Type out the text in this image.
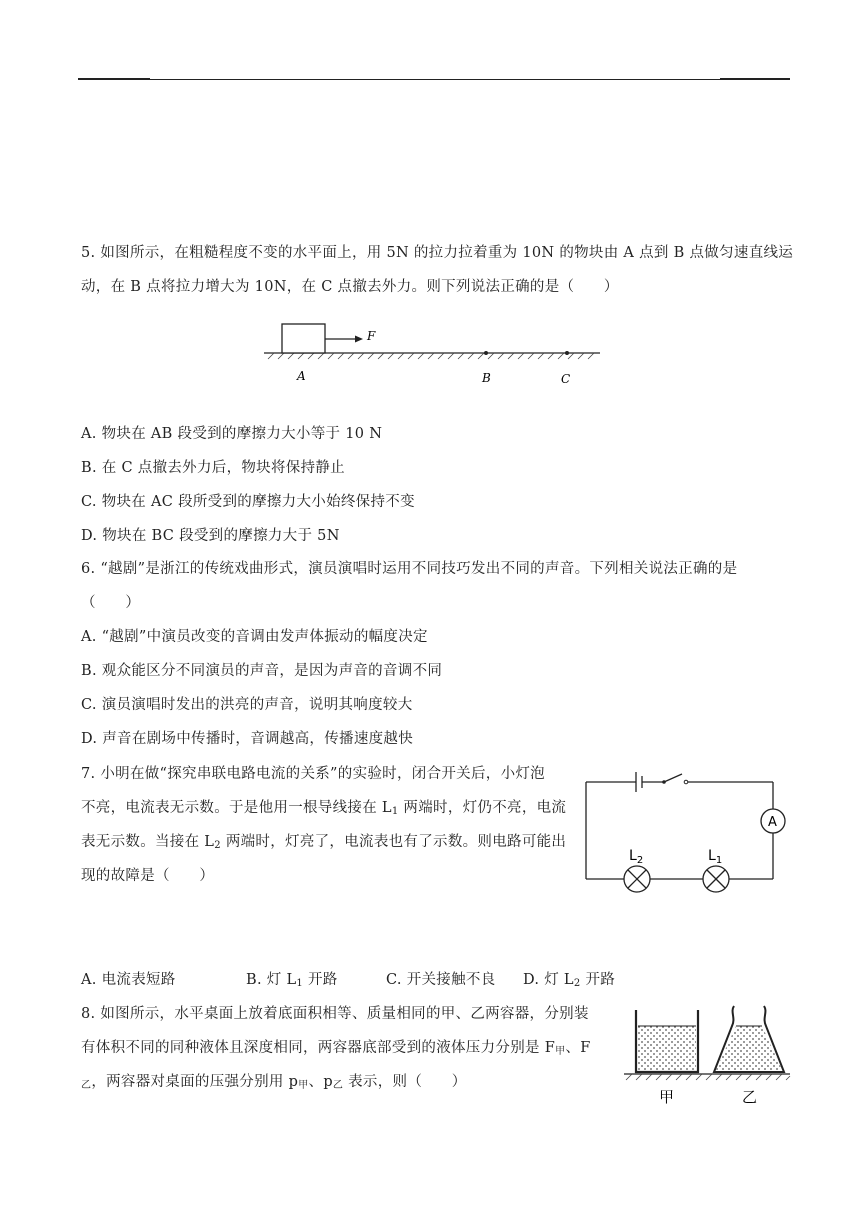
5. 如图所示，在粗糙程度不变的水平面上，用 5N 的拉力拉着重为 10N 的物块由 A 点到 B 点做匀速直线运
动，在 B 点将拉力增大为 10N，在 C 点撤去外力。则下列说法正确的是（　　）
F
A	B	C
A. 物块在 AB 段受到的摩擦力大小等于 10 N
B. 在 C 点撤去外力后，物块将保持静止
C. 物块在 AC 段所受到的摩擦力大小始终保持不变
D. 物块在 BC 段受到的摩擦力大于 5N
6. “越剧”是浙江的传统戏曲形式，演员演唱时运用不同技巧发出不同的声音。下列相关说法正确的是
（　　）
A. “越剧”中演员改变的音调由发声体振动的幅度决定
B. 观众能区分不同演员的声音，是因为声音的音调不同
C. 演员演唱时发出的洪亮的声音，说明其响度较大
D. 声音在剧场中传播时，音调越高，传播速度越快
7. 小明在做“探究串联电路电流的关系”的实验时，闭合开关后，小灯泡
不亮，电流表无示数。于是他用一根导线接在 $L_1$ 两端时，灯仍不亮，电流
表无示数。当接在 $L_2$ 两端时，灯亮了，电流表也有了示数。则电路可能出
现的故障是（　　）
A
$L_2$	$L_1$
A. 电流表短路	B. 灯 $L_1$ 开路	C. 开关接触不良 D. 灯 $L_2$ 开路
8. 如图所示，水平桌面上放着底面积相等、质量相同的甲、乙两容器，分别装
有体积不同的同种液体且深度相同，两容器底部受到的液体压力分别是 $F_甲$、F
$_乙$，两容器对桌面的压强分别用 $p_甲$、$p_乙$ 表示，则（　　）
甲	乙
